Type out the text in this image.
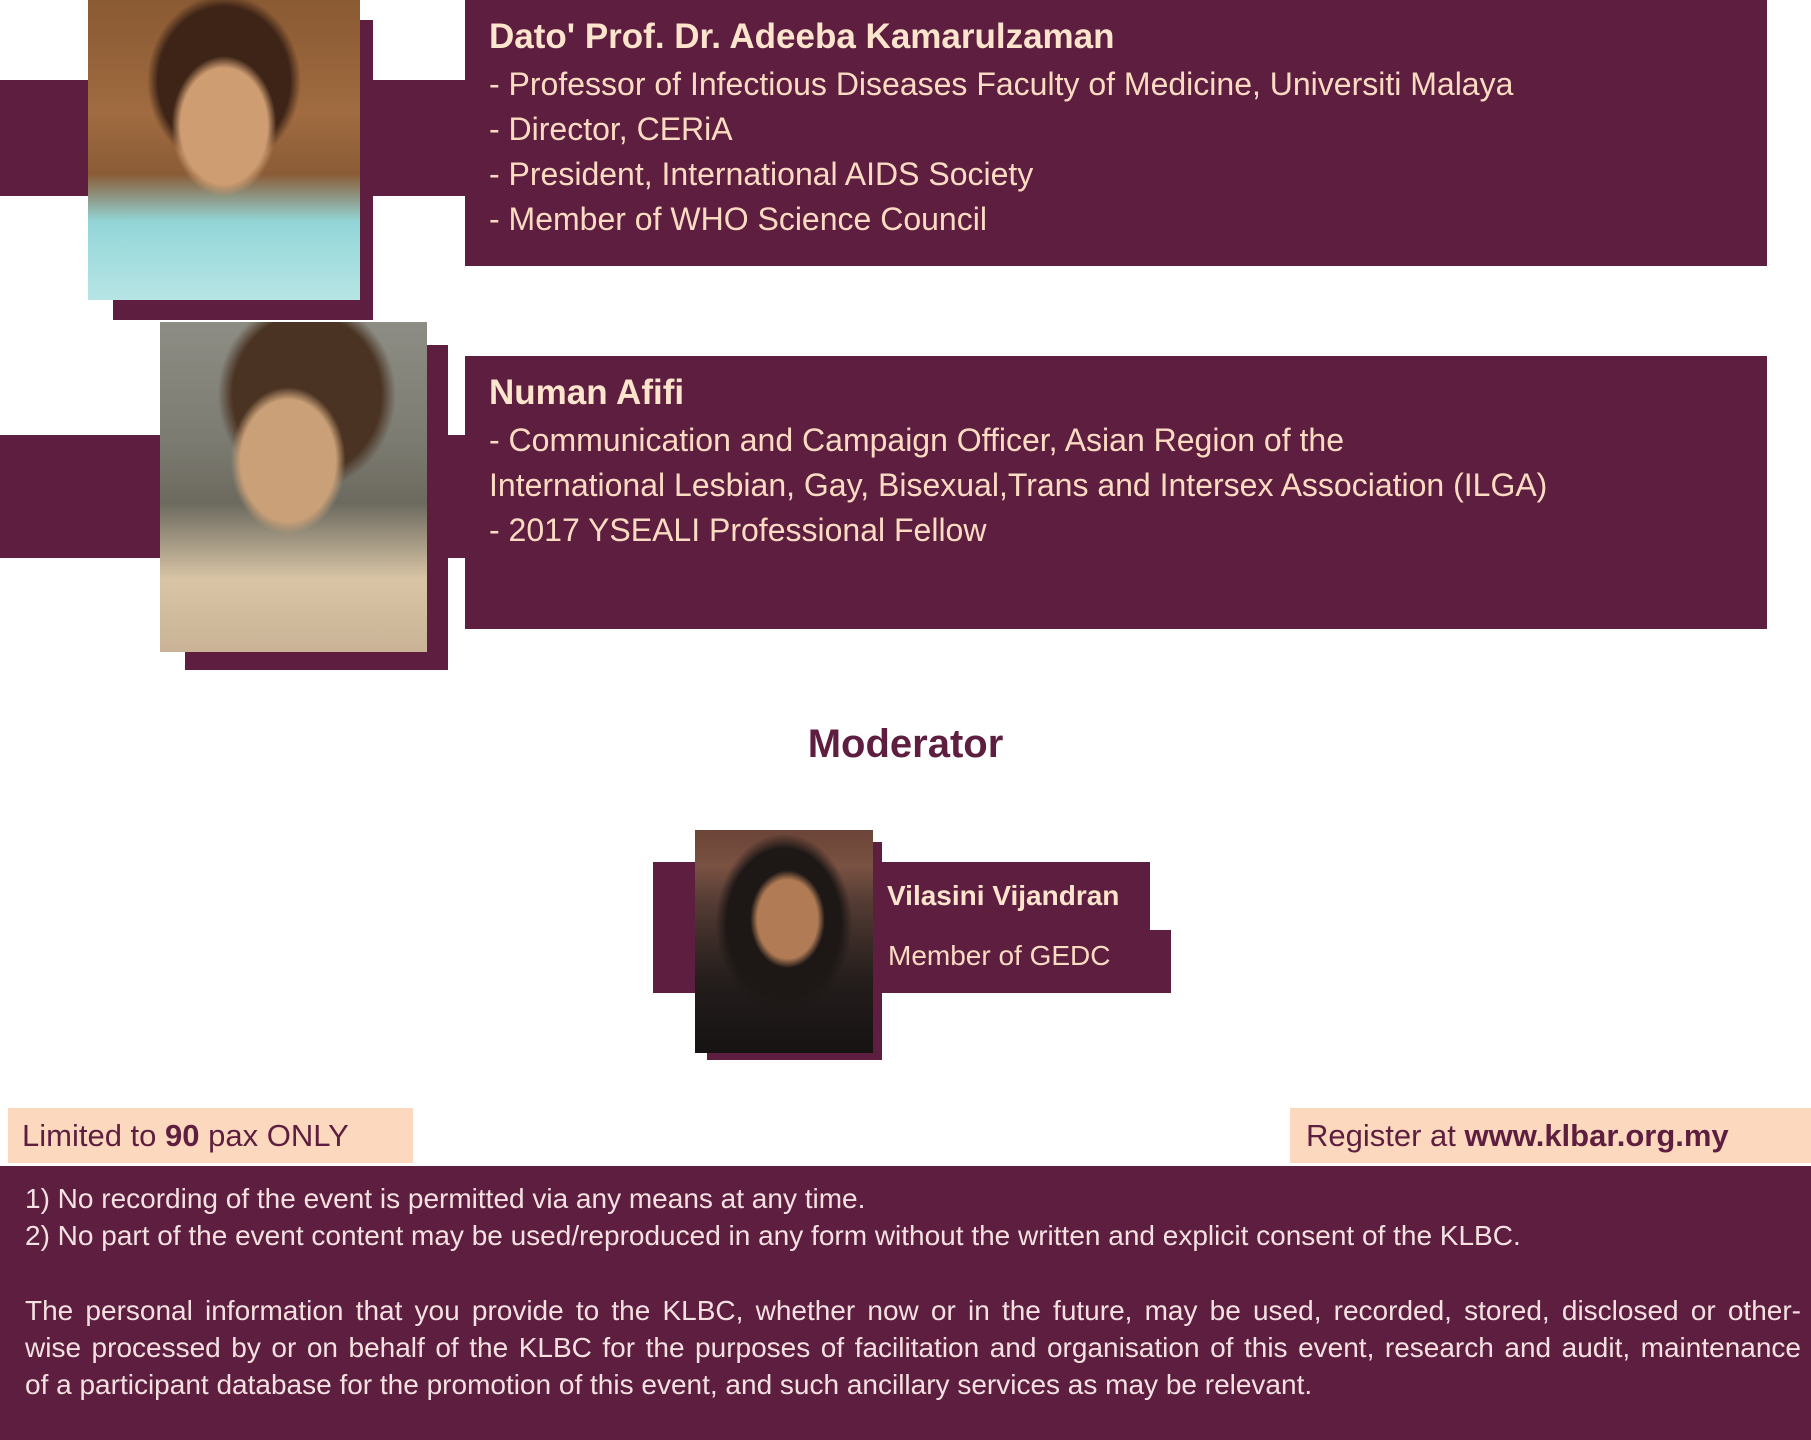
Dato' Prof. Dr. Adeeba Kamarulzaman
- Professor of Infectious Diseases Faculty of Medicine, Universiti Malaya
- Director, CERiA
- President, International AIDS Society
- Member of WHO Science Council
Numan Afifi
- Communication and Campaign Officer, Asian Region of the
International Lesbian, Gay, Bisexual,Trans and Intersex Association (ILGA)
- 2017 YSEALI Professional Fellow
Moderator
Vilasini Vijandran
Member of GEDC
Limited to 90 pax ONLY	Register at www.klbar.org.my
1) No recording of the event is permitted via any means at any time.
2) No part of the event content may be used/reproduced in any form without the written and explicit consent of the KLBC.
The personal information that you provide to the KLBC, whether now or in the future, may be used, recorded, stored, disclosed or other-
wise processed by or on behalf of the KLBC for the purposes of facilitation and organisation of this event, research and audit, maintenance
of a participant database for the promotion of this event, and such ancillary services as may be relevant.
